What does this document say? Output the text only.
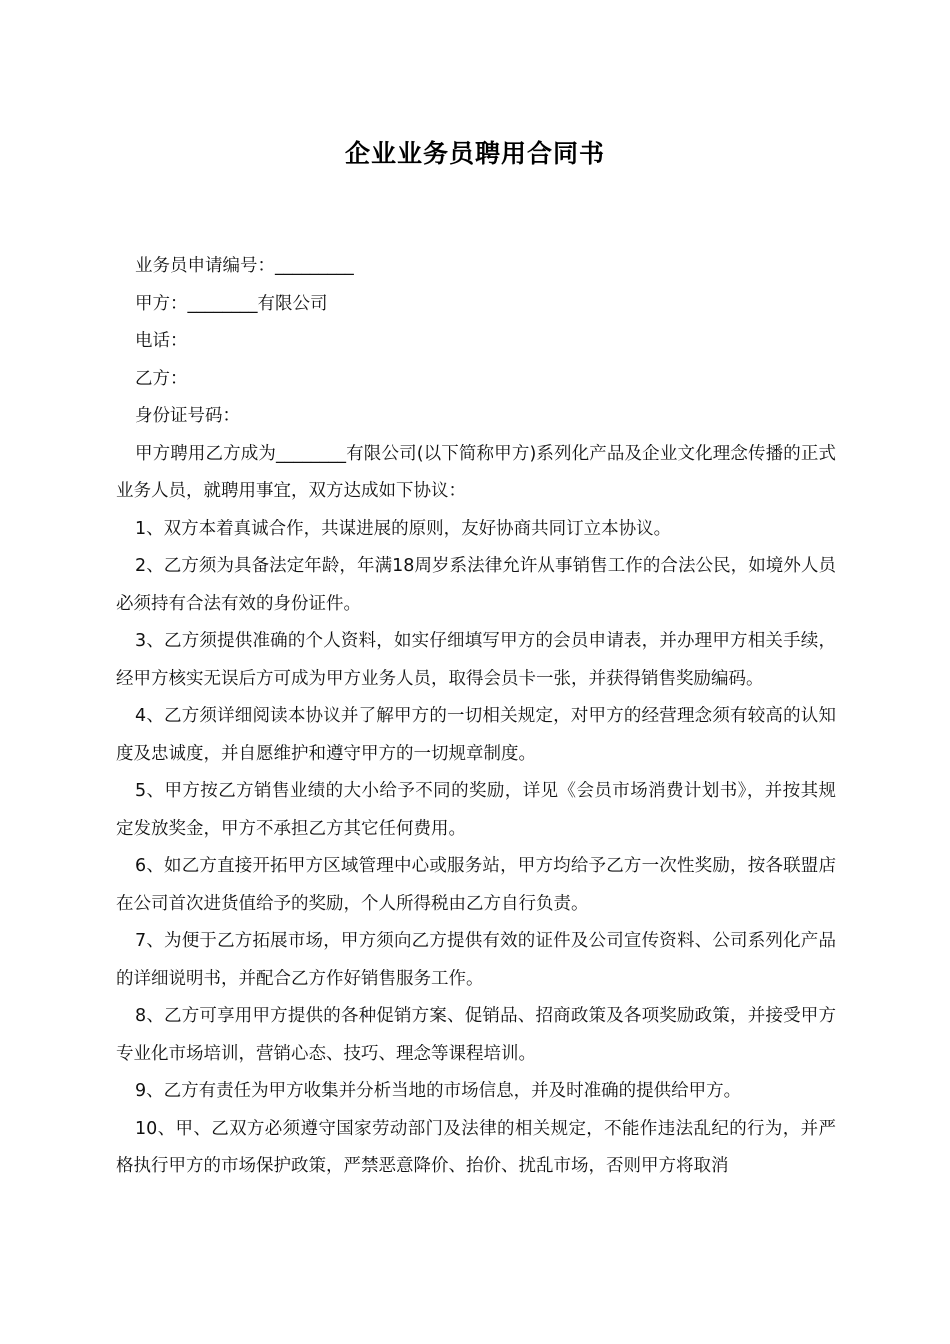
企业业务员聘用合同书

业务员申请编号：_________

甲方：________有限公司

电话：

乙方：

身份证号码：

甲方聘用乙方成为________有限公司(以下简称甲方)系列化产品及企业文化理念传播的正式业务人员，就聘用事宜，双方达成如下协议：

1、双方本着真诚合作，共谋进展的原则，友好协商共同订立本协议。

2、乙方须为具备法定年龄，年满18周岁系法律允许从事销售工作的合法公民，如境外人员必须持有合法有效的身份证件。

3、乙方须提供准确的个人资料，如实仔细填写甲方的会员申请表，并办理甲方相关手续，经甲方核实无误后方可成为甲方业务人员，取得会员卡一张，并获得销售奖励编码。

4、乙方须详细阅读本协议并了解甲方的一切相关规定，对甲方的经营理念须有较高的认知度及忠诚度，并自愿维护和遵守甲方的一切规章制度。

5、甲方按乙方销售业绩的大小给予不同的奖励，详见《会员市场消费计划书》，并按其规定发放奖金，甲方不承担乙方其它任何费用。

6、如乙方直接开拓甲方区域管理中心或服务站，甲方均给予乙方一次性奖励，按各联盟店在公司首次进货值给予的奖励，个人所得税由乙方自行负责。

7、为便于乙方拓展市场，甲方须向乙方提供有效的证件及公司宣传资料、公司系列化产品的详细说明书，并配合乙方作好销售服务工作。

8、乙方可享用甲方提供的各种促销方案、促销品、招商政策及各项奖励政策，并接受甲方专业化市场培训，营销心态、技巧、理念等课程培训。

9、乙方有责任为甲方收集并分析当地的市场信息，并及时准确的提供给甲方。

10、甲、乙双方必须遵守国家劳动部门及法律的相关规定，不能作违法乱纪的行为，并严格执行甲方的市场保护政策，严禁恶意降价、抬价、扰乱市场，否则甲方将取消
